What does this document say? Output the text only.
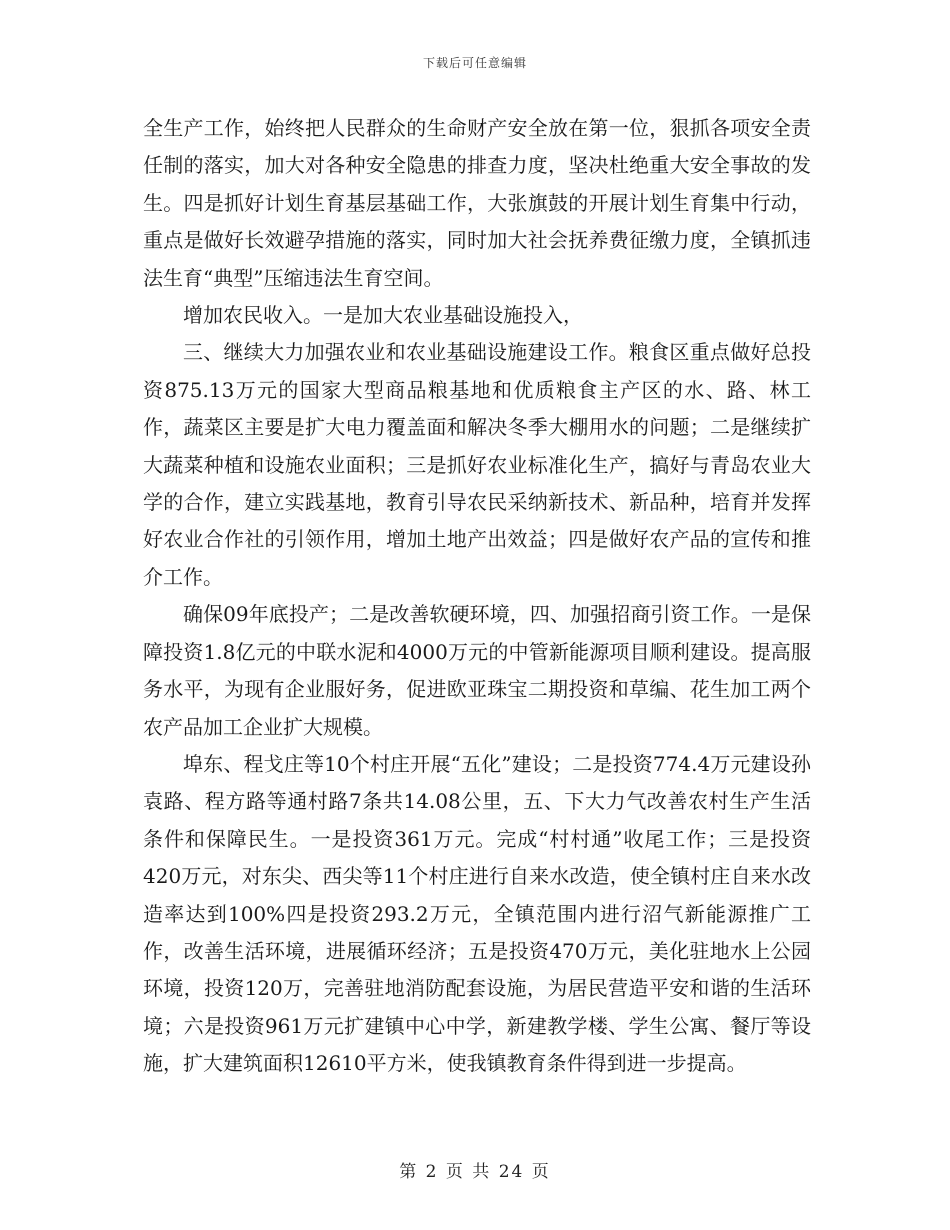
下载后可任意编辑

全生产工作，始终把人民群众的生命财产安全放在第一位，狠抓各项安全责任制的落实，加大对各种安全隐患的排查力度，坚决杜绝重大安全事故的发生。四是抓好计划生育基层基础工作，大张旗鼓的开展计划生育集中行动，重点是做好长效避孕措施的落实，同时加大社会抚养费征缴力度，全镇抓违法生育“典型”压缩违法生育空间。

增加农民收入。一是加大农业基础设施投入，

三、继续大力加强农业和农业基础设施建设工作。粮食区重点做好总投资875.13万元的国家大型商品粮基地和优质粮食主产区的水、路、林工作，蔬菜区主要是扩大电力覆盖面和解决冬季大棚用水的问题；二是继续扩大蔬菜种植和设施农业面积；三是抓好农业标准化生产，搞好与青岛农业大学的合作，建立实践基地，教育引导农民采纳新技术、新品种，培育并发挥好农业合作社的引领作用，增加土地产出效益；四是做好农产品的宣传和推介工作。

确保09年底投产；二是改善软硬环境，四、加强招商引资工作。一是保障投资1.8亿元的中联水泥和4000万元的中管新能源项目顺利建设。提高服务水平，为现有企业服好务，促进欧亚珠宝二期投资和草编、花生加工两个农产品加工企业扩大规模。

埠东、程戈庄等10个村庄开展“五化”建设；二是投资774.4万元建设孙袁路、程方路等通村路7条共14.08公里，五、下大力气改善农村生产生活条件和保障民生。一是投资361万元。完成“村村通”收尾工作；三是投资420万元，对东尖、西尖等11个村庄进行自来水改造，使全镇村庄自来水改造率达到100%四是投资293.2万元，全镇范围内进行沼气新能源推广工作，改善生活环境，进展循环经济；五是投资470万元，美化驻地水上公园环境，投资120万，完善驻地消防配套设施，为居民营造平安和谐的生活环境；六是投资961万元扩建镇中心中学，新建教学楼、学生公寓、餐厅等设施，扩大建筑面积12610平方米，使我镇教育条件得到进一步提高。

第 2 页 共 24 页
